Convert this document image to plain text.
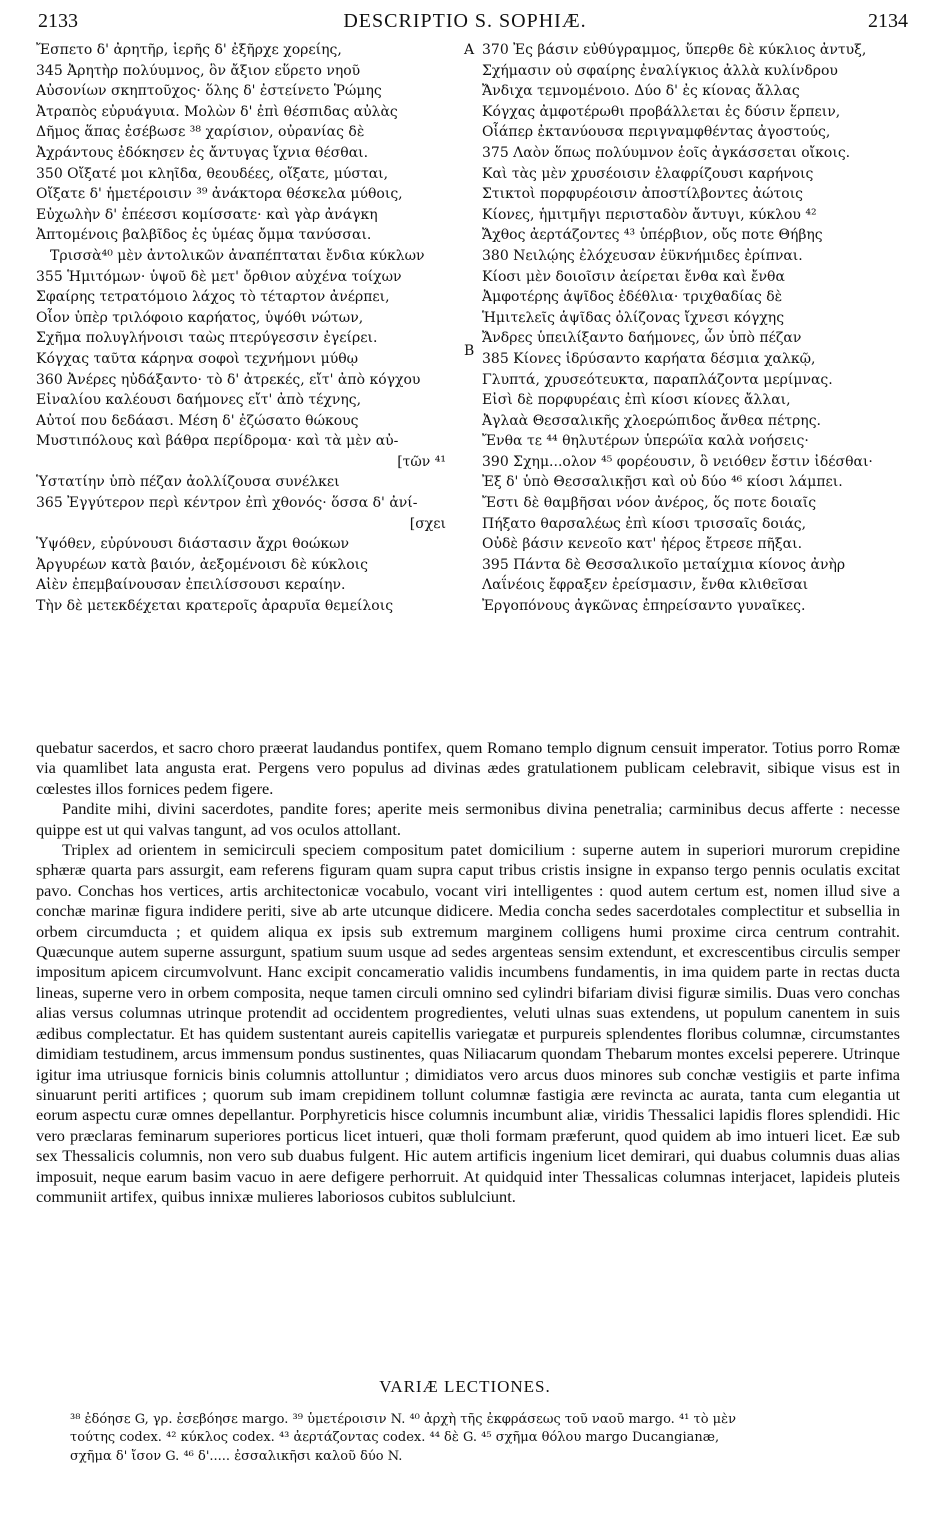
2133	DESCRIPTIO S. SOPHIÆ.	2134
Ἔσπετο δ' ἀρητῆρ, ἱερῆς δ' ἐξῆρχε χορείης,
345 Ἀρητὴρ πολύυμνος, ὃν ἄξιον εὕρετο νηοῦ
Αὐσονίων σκηπτοῦχος· ὅλης δ' ἐστείνετο Ῥώμης
Ἀτραπὸς εὐρυάγυια. Μολὼν δ' ἐπὶ θέσπιδας αὐλὰς
Δῆμος ἅπας ἐσέβωσε ³⁸ χαρίσιον, οὐρανίας δὲ
Ἀχράντους ἐδόκησεν ἐς ἄντυγας ἴχνια θέσθαι.
350 Οἴξατέ μοι κληῖδα, θεουδέες, οἴξατε, μύσται,
Οἴξατε δ' ἡμετέροισιν ³⁹ ἀνάκτορα θέσκελα μύθοις,
Εὐχωλὴν δ' ἐπέεσσι κομίσσατε· καὶ γὰρ ἀνάγκη
Ἀπτομένοις βαλβῖδος ἐς ὑμέας ὄμμα τανύσσαι.
Τρισσὰ⁴⁰ μὲν ἀντολικῶν ἀναπέπταται ἔνδια κύκλων
355 Ἡμιτόμων· ὑψοῦ δὲ μετ' ὄρθιον αὐχένα τοίχων
Σφαίρης τετρατόμοιο λάχος τὸ τέταρτον ἀνέρπει,
Οἷον ὑπὲρ τριλόφοιο καρήατος, ὑψόθι νώτων,
Σχῆμα πολυγλήνοισι ταὼς πτερύγεσσιν ἐγείρει.
Κόγχας ταῦτα κάρηνα σοφοὶ τεχνήμονι μύθῳ
360 Ἀνέρες ηὐδάξαντο· τὸ δ' ἀτρεκές, εἴτ' ἀπὸ κόγχου
Εἰναλίου καλέουσι δαήμονες εἴτ' ἀπὸ τέχνης,
Αὐτοί που δεδάασι. Μέση δ' ἐζώσατο θώκους
Μυστιπόλους καὶ βάθρα περίδρομα· καὶ τὰ μὲν αὐ-
[τῶν ⁴¹
Ὑστατίην ὑπὸ πέζαν ἀολλίζουσα συνέλκει
365 Ἐγγύτερον περὶ κέντρον ἐπὶ χθονός· ὅσσα δ' ἀνί-
[σχει
Ὑψόθεν, εὐρύνουσι διάστασιν ἄχρι θοώκων
Ἀργυρέων κατὰ βαιόν, ἀεξομένοισι δὲ κύκλοις
Αἰὲν ἐπεμβαίνουσαν ἐπειλίσσουσι κεραίην.
Τὴν δὲ μετεκδέχεται κρατεροῖς ἀραρυῖα θεμείλοις
A 370 Ἐς βάσιν εὐθύγραμμος, ὕπερθε δὲ κύκλιος ἀντυξ,
Σχήμασιν οὐ σφαίρης ἐναλίγκιος ἀλλὰ κυλίνδρου
Ἄνδιχα τεμνομένοιο. Δύο δ' ἐς κίονας ἄλλας
Κόγχας ἀμφοτέρωθι προβάλλεται ἐς δύσιν ἕρπειν,
Οἷάπερ ἐκτανύουσα περιγναμφθέντας ἀγοστούς,
375 Λαὸν ὅπως πολύυμνον ἑοῖς ἀγκάσσεται οἴκοις.
Καὶ τὰς μὲν χρυσέοισιν ἐλαφρίζουσι καρήνοις
Στικτοὶ πορφυρέοισιν ἀποστίλβοντες ἀώτοις
Κίονες, ἡμιτμῆγι περισταδὸν ἄντυγι, κύκλου ⁴²
Ἄχθος ἀερτάζοντες ⁴³ ὑπέρβιον, οὔς ποτε Θήβης
380 Νειλῴης ἐλόχευσαν ἐϋκνήμιδες ἐρίπναι.
Κίοσι μὲν δοιοῖσιν ἀείρεται ἔνθα καὶ ἔνθα
Ἀμφοτέρης ἁψῖδος ἐδέθλια· τριχθαδίας δὲ
Ἡμιτελεῖς ἁψῖδας ὀλίζονας ἴχνεσι κόγχης
Ἄνδρες ὑπειλίξαντο δαήμονες, ὧν ὑπὸ πέζαν
B 385 Κίονες ἱδρύσαντο καρήατα δέσμια χαλκῷ,
Γλυπτά, χρυσεότευκτα, παραπλάζοντα μερίμνας.
Εἰσὶ δὲ πορφυρέαις ἐπὶ κίοσι κίονες ἄλλαι,
Ἀγλαὰ Θεσσαλικῆς χλοερώπιδος ἄνθεα πέτρης.
Ἔνθα τε ⁴⁴ θηλυτέρων ὑπερώϊα καλὰ νοήσεις·
390 Σχημ...ολον ⁴⁵ φορέουσιν, ὃ νειόθεν ἔστιν ἰδέσθαι·
Ἐξ δ' ὑπὸ Θεσσαλικῇσι καὶ οὐ δύο ⁴⁶ κίοσι λάμπει.
Ἔστι δὲ θαμβῆσαι νόον ἀνέρος, ὅς ποτε δοιαῖς
Πήξατο θαρσαλέως ἐπὶ κίοσι τρισσαῖς δοιάς,
Οὐδὲ βάσιν κενεοῖο κατ' ἠέρος ἔτρεσε πῆξαι.
395 Πάντα δὲ Θεσσαλικοῖο μεταίχμια κίονος ἀνὴρ
Λαΐνέοις ἔφραξεν ἐρείσμασιν, ἔνθα κλιθεῖσαι
Ἐργοπόνους ἀγκῶνας ἐπηρείσαντο γυναῖκες.

quebatur sacerdos, et sacro choro præerat laudandus pontifex, quem Romano templo dignum censuit imperator. Totius porro Romæ via quamlibet lata angusta erat. Pergens vero populus ad divinas ædes gratulationem publicam celebravit, sibique visus est in cœlestes illos fornices pedem figere.

Pandite mihi, divini sacerdotes, pandite fores; aperite meis sermonibus divina penetralia; carminibus decus afferte : necesse quippe est ut qui valvas tangunt, ad vos oculos attollant.

Triplex ad orientem in semicirculi speciem compositum patet domicilium : superne autem in superiori murorum crepidine sphæræ quarta pars assurgit, eam referens figuram quam supra caput tribus cristis insigne in expanso tergo pennis oculatis excitat pavo. Conchas hos vertices, artis architectonicæ vocabulo, vocant viri intelligentes : quod autem certum est, nomen illud sive a conchæ marinæ figura indidere periti, sive ab arte utcunque didicere. Media concha sedes sacerdotales complectitur et subsellia in orbem circumducta ; et quidem aliqua ex ipsis sub extremum marginem colligens humi proxime circa centrum contrahit. Quæcunque autem superne assurgunt, spatium suum usque ad sedes argenteas sensim extendunt, et excrescentibus circulis semper impositum apicem circumvolvunt. Hanc excipit concameratio validis incumbens fundamentis, in ima quidem parte in rectas ducta lineas, superne vero in orbem composita, neque tamen circuli omnino sed cylindri bifariam divisi figuræ similis. Duas vero conchas alias versus columnas utrinque protendit ad occidentem progredientes, veluti ulnas suas extendens, ut populum canentem in suis ædibus complectatur. Et has quidem sustentant aureis capitellis variegatæ et purpureis splendentes floribus columnæ, circumstantes dimidiam testudinem, arcus immensum pondus sustinentes, quas Niliacarum quondam Thebarum montes excelsi peperere. Utrinque igitur ima utriusque fornicis binis columnis attolluntur ; dimidiatos vero arcus duos minores sub conchæ vestigiis et parte infima sinuarunt periti artifices ; quorum sub imam crepidinem tollunt columnæ fastigia ære revincta ac aurata, tanta cum elegantia ut eorum aspectu curæ omnes depellantur. Porphyreticis hisce columnis incumbunt aliæ, viridis Thessalici lapidis flores splendidi. Hic vero præclaras feminarum superiores porticus licet intueri, quæ tholi formam præferunt, quod quidem ab imo intueri licet. Eæ sub sex Thessalicis columnis, non vero sub duabus fulgent. Hic autem artificis ingenium licet demirari, qui duabus columnis duas alias imposuit, neque earum basim vacuo in aere defigere perhorruit. At quidquid inter Thessalicas columnas interjacet, lapideis pluteis communiit artifex, quibus innixæ mulieres laboriosos cubitos sublulciunt.

VARIÆ LECTIONES.
³⁸ ἐδόησε G, γρ. ἐσεβόησε margo. ³⁹ ὑμετέροισιν N. ⁴⁰ ἀρχὴ τῆς ἐκφράσεως τοῦ ναοῦ margo. ⁴¹ τὸ μὲν
τούτης codex. ⁴² κύκλος codex. ⁴³ ἀερτάζοντας codex. ⁴⁴ δὲ G. ⁴⁵ σχῆμα θόλου margo Ducangianæ,
σχῆμα δ' ἴσον G. ⁴⁶ δ'..... ἐσσαλικῆσι καλοῦ δύο N.
